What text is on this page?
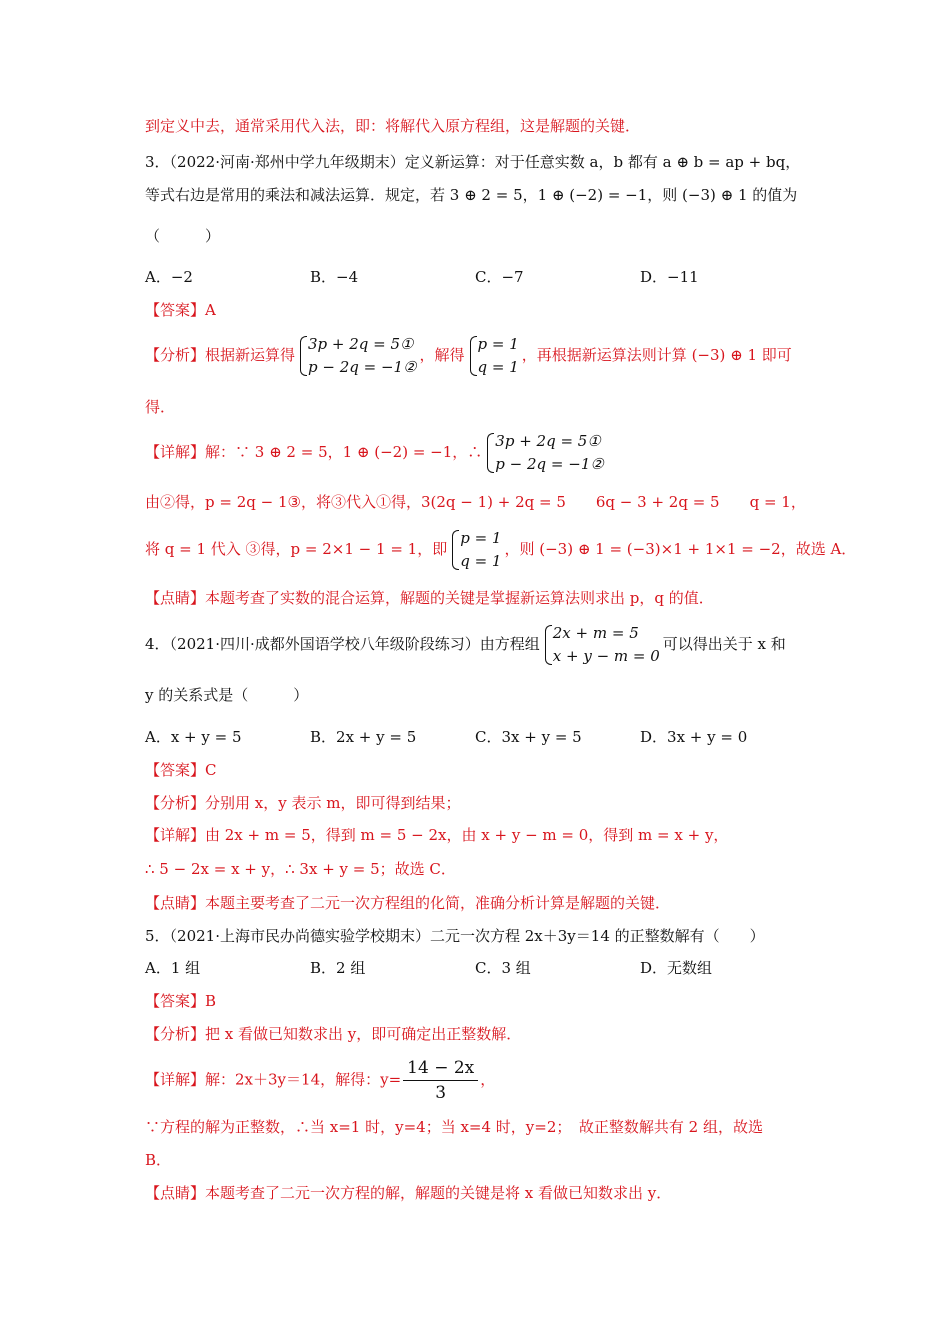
到定义中去，通常采用代入法，即：将解代入原方程组，这是解题的关键．
3．（2022·河南·郑州中学九年级期末）定义新运算：对于任意实数 a，b 都有 a ⊕ b = ap + bq，
等式右边是常用的乘法和减法运算．规定，若 3 ⊕ 2 = 5，1 ⊕ (−2) = −1，则 (−3) ⊕ 1 的值为
（　　　）
A．−2	B．−4	C．−7	D．−11
【答案】A
【分析】根据新运算得
3p + 2q = 5①
p − 2q = −1②
，解得
p = 1
q = 1
，再根据新运算法则计算 (−3) ⊕ 1 即可
得．
【详解】解：∵ 3 ⊕ 2 = 5，1 ⊕ (−2) = −1，∴
3p + 2q = 5①
p − 2q = −1②
由②得，p = 2q − 1③，将③代入①得，3(2q − 1) + 2q = 5　　6q − 3 + 2q = 5　　q = 1，
将 q = 1 代入 ③得，p = 2×1 − 1 = 1，即
p = 1
q = 1
，则 (−3) ⊕ 1 = (−3)×1 + 1×1 = −2，故选 A．
【点睛】本题考查了实数的混合运算，解题的关键是掌握新运算法则求出 p，q 的值．
4．（2021·四川·成都外国语学校八年级阶段练习）由方程组
2x + m = 5
x + y − m = 0
可以得出关于 x 和
y 的关系式是（　　　）
A．x + y = 5	B．2x + y = 5	C．3x + y = 5	D．3x + y = 0
【答案】C
【分析】分别用 x，y 表示 m，即可得到结果；
【详解】由 2x + m = 5，得到 m = 5 − 2x，由 x + y − m = 0，得到 m = x + y，
∴ 5 − 2x = x + y，∴ 3x + y = 5；故选 C．
【点睛】本题主要考查了二元一次方程组的化简，准确分析计算是解题的关键．
5．（2021·上海市民办尚德实验学校期末）二元一次方程 2x＋3y＝14 的正整数解有（　　）
A．1 组	B．2 组	C．3 组	D．无数组
【答案】B
【分析】把 x 看做已知数求出 y，即可确定出正整数解．
【详解】解：2x＋3y＝14，解得：$y= \frac{14 - 2x}{3}$ ，
∵方程的解为正整数，∴当 x=1 时，y=4；当 x=4 时，y=2；　故正整数解共有 2 组，故选
B．
【点睛】本题考查了二元一次方程的解，解题的关键是将 x 看做已知数求出 y．
